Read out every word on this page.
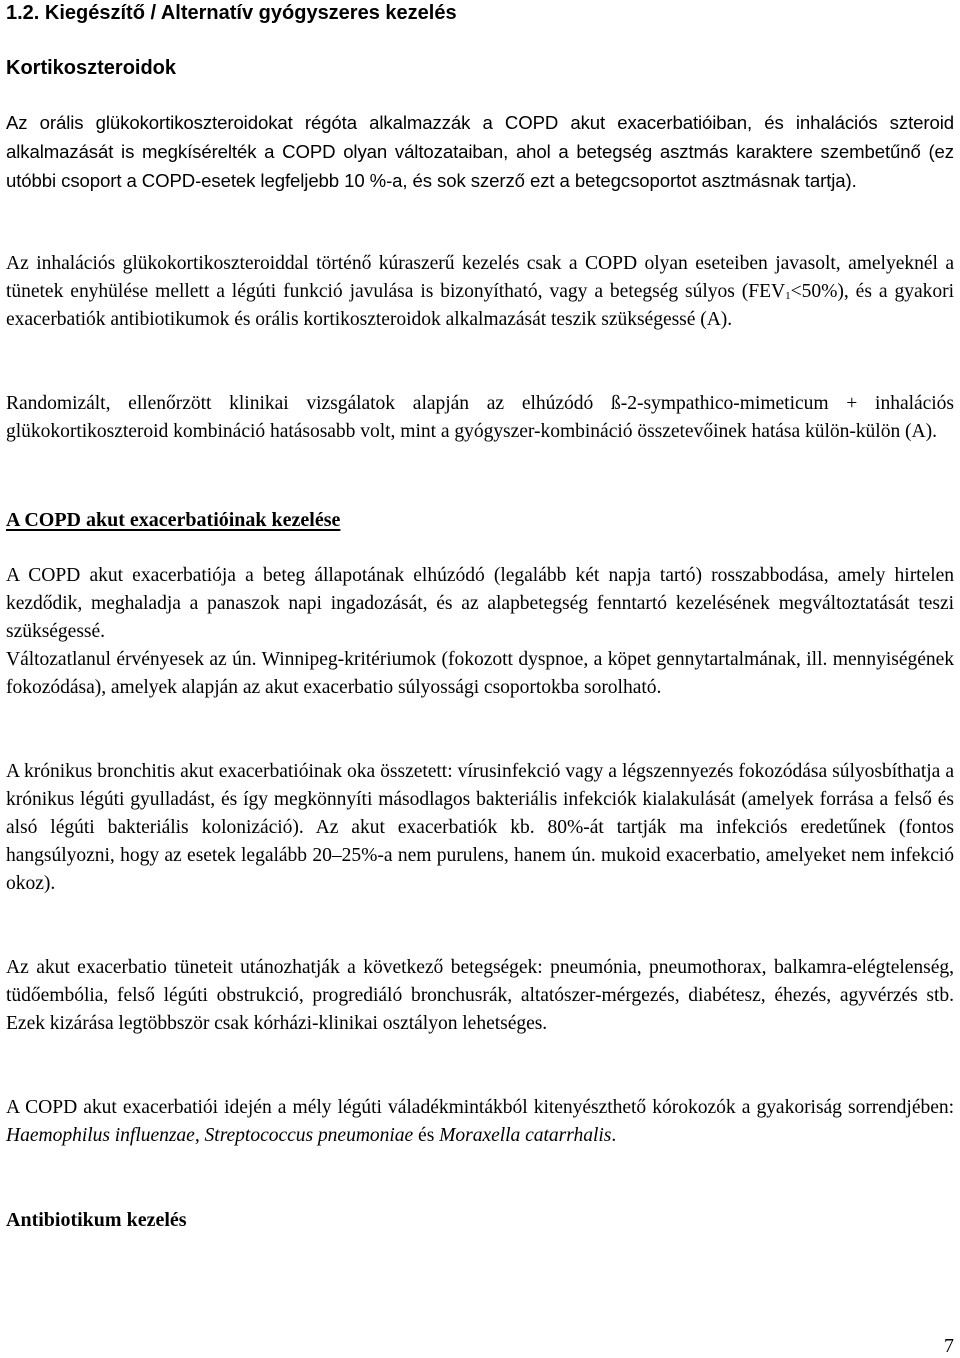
1.2. Kiegészítő / Alternatív gyógyszeres kezelés
Kortikoszteroidok

Az orális glükokortikoszteroidokat régóta alkalmazzák a COPD akut exacerbatióiban, és inhalációs szteroid alkalmazását is megkísérelték a COPD olyan változataiban, ahol a betegség asztmás karaktere szembetűnő (ez utóbbi csoport a COPD-esetek legfeljebb 10 %-a, és sok szerző ezt a betegcsoportot asztmásnak tartja).

Az inhalációs glükokortikoszteroiddal történő kúraszerű kezelés csak a COPD olyan eseteiben javasolt, amelyeknél a tünetek enyhülése mellett a légúti funkció javulása is bizonyítható, vagy a betegség súlyos $(FEV_1<50\%)$, és a gyakori exacerbatiók antibiotikumok és orális kortikoszteroidok alkalmazását teszik szükségessé (A).

Randomizált, ellenőrzött klinikai vizsgálatok alapján az elhúzódó ß-2-sympathico-mimeticum + inhalációs glükokortikoszteroid kombináció hatásosabb volt, mint a gyógyszer-kombináció összetevőinek hatása külön-külön (A).

A COPD akut exacerbatióinak kezelése

A COPD akut exacerbatiója a beteg állapotának elhúzódó (legalább két napja tartó) rosszabbodása, amely hirtelen kezdődik, meghaladja a panaszok napi ingadozását, és az alapbetegség fenntartó kezelésének megváltoztatását teszi szükségessé.

Változatlanul érvényesek az ún. Winnipeg-kritériumok (fokozott dyspnoe, a köpet gennytartalmának, ill. mennyiségének fokozódása), amelyek alapján az akut exacerbatio súlyossági csoportokba sorolható.

A krónikus bronchitis akut exacerbatióinak oka összetett: vírusinfekció vagy a légszennyezés fokozódása súlyosbíthatja a krónikus légúti gyulladást, és így megkönnyíti másodlagos bakteriális infekciók kialakulását (amelyek forrása a felső és alsó légúti bakteriális kolonizáció). Az akut exacerbatiók kb. 80%-át tartják ma infekciós eredetűnek (fontos hangsúlyozni, hogy az esetek legalább 20–25%-a nem purulens, hanem ún. mukoid exacerbatio, amelyeket nem infekció okoz).

Az akut exacerbatio tüneteit utánozhatják a következő betegségek: pneumónia, pneumothorax, balkamra-elégtelenség, tüdőembólia, felső légúti obstrukció, progrediáló bronchusrák, altatószer-mérgezés, diabétesz, éhezés, agyvérzés stb. Ezek kizárása legtöbbször csak kórházi-klinikai osztályon lehetséges.

A COPD akut exacerbatiói idején a mély légúti váladékmintákból kitenyészthető kórokozók a gyakoriság sorrendjében: Haemophilus influenzae, Streptococcus pneumoniae és Moraxella catarrhalis.

Antibiotikum kezelés
7
